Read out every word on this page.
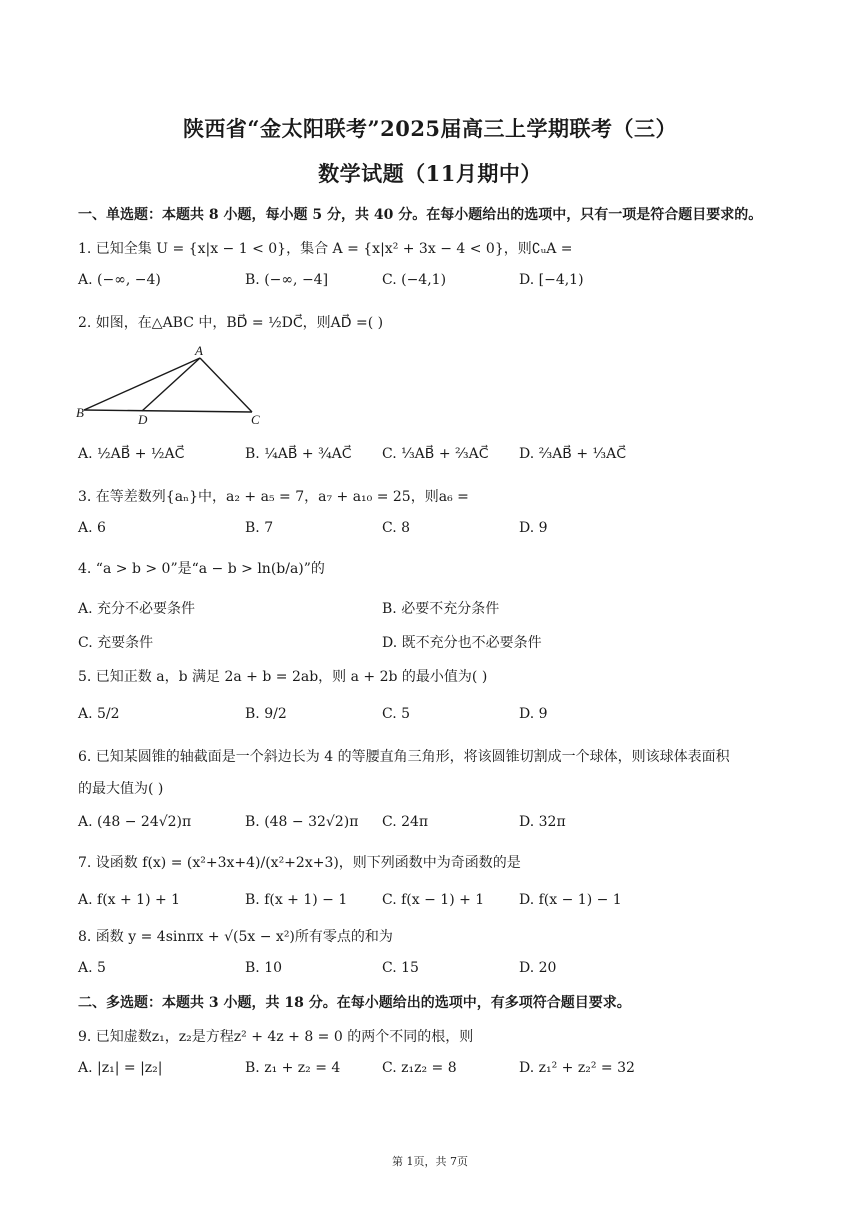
陕西省“金太阳联考”2025届高三上学期联考（三）
数学试题（11月期中）
一、单选题：本题共 8 小题，每小题 5 分，共 40 分。在每小题给出的选项中，只有一项是符合题目要求的。
1. 已知全集 U = {x|x − 1 < 0}，集合 A = {x|x² + 3x − 4 < 0}，则∁ᵤA =
A. (−∞, −4)	B. (−∞, −4]	C. (−4,1)	D. [−4,1)
2. 如图，在△ABC 中，BD⃗ = ½DC⃗，则AD⃗ =( )
A
B	C
D
A. ½AB⃗ + ½AC⃗	B. ¼AB⃗ + ¾AC⃗ C. ⅓AB⃗ + ⅔AC⃗ D. ⅔AB⃗ + ⅓AC⃗
3. 在等差数列{aₙ}中，a₂ + a₅ = 7，a₇ + a₁₀ = 25，则a₆ =
A. 6	B. 7	C. 8	D. 9
4. “a > b > 0”是“a − b > ln(b/a)”的
A. 充分不必要条件	B. 必要不充分条件
C. 充要条件	D. 既不充分也不必要条件
5. 已知正数 a，b 满足 2a + b = 2ab，则 a + 2b 的最小值为( )
A. 5/2	B. 9/2	C. 5	D. 9
6. 已知某圆锥的轴截面是一个斜边长为 4 的等腰直角三角形，将该圆锥切割成一个球体，则该球体表面积
的最大值为( )
A. (48 − 24√2)π	B. (48 − 32√2)π C. 24π	D. 32π
7. 设函数 f(x) = (x²+3x+4)/(x²+2x+3)，则下列函数中为奇函数的是
A. f(x + 1) + 1	B. f(x + 1) − 1 C. f(x − 1) + 1 D. f(x − 1) − 1
8. 函数 y = 4sinπx + √(5x − x²)所有零点的和为
A. 5	B. 10	C. 15	D. 20
二、多选题：本题共 3 小题，共 18 分。在每小题给出的选项中，有多项符合题目要求。
9. 已知虚数z₁，z₂是方程z² + 4z + 8 = 0 的两个不同的根，则
A. |z₁| = |z₂|	B. z₁ + z₂ = 4	C. z₁z₂ = 8	D. z₁² + z₂² = 32
第 1页，共 7页
